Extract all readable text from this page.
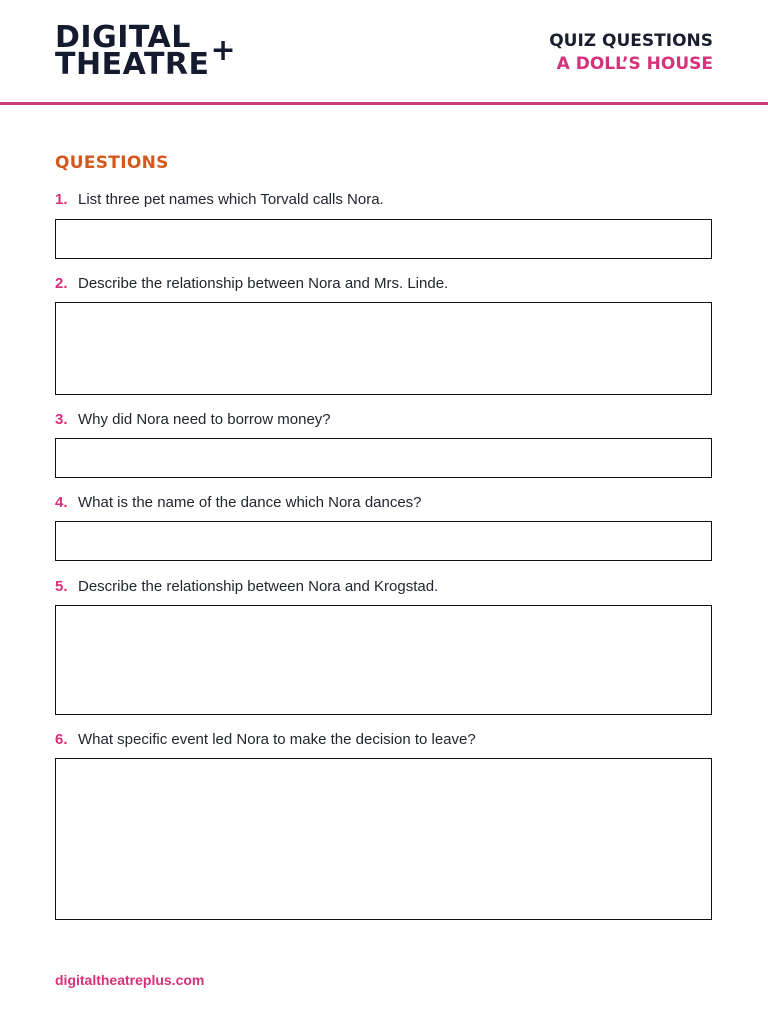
DIGITAL
THEATRE+	QUIZ QUESTIONS
A DOLL’S HOUSE
QUESTIONS
1. List three pet names which Torvald calls Nora.
2. Describe the relationship between Nora and Mrs. Linde.
3. Why did Nora need to borrow money?
4. What is the name of the dance which Nora dances?
5. Describe the relationship between Nora and Krogstad.
6. What specific event led Nora to make the decision to leave?
digitaltheatreplus.com
